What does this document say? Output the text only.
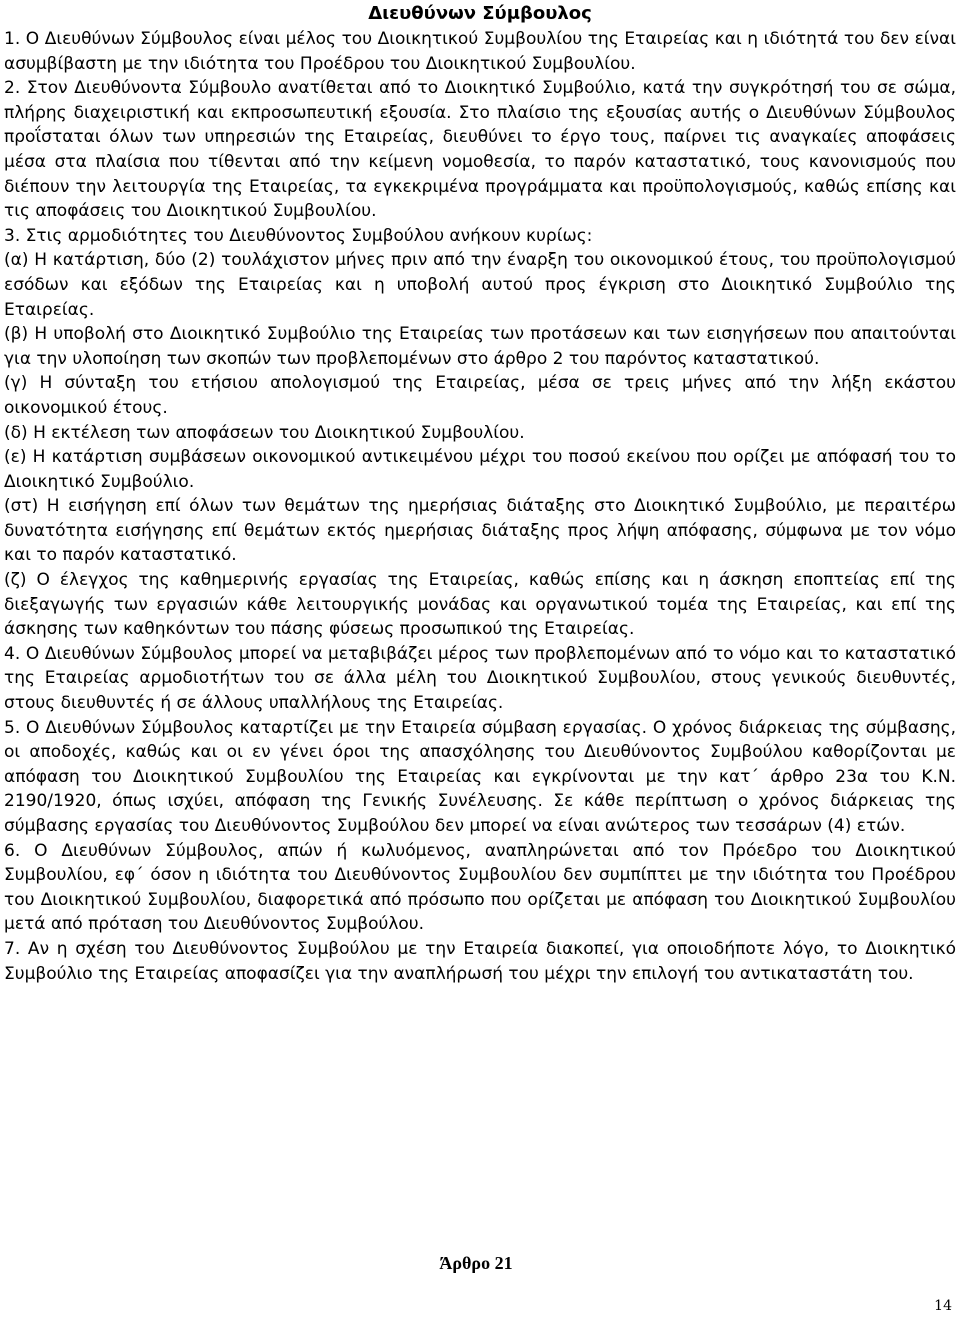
Διευθύνων Σύμβουλος

1. Ο Διευθύνων Σύμβουλος είναι μέλος του Διοικητικού Συμβουλίου της Εταιρείας και η ιδιότητά του δεν είναι ασυμβίβαστη με την ιδιότητα του Προέδρου του Διοικητικού Συμβουλίου.

2. Στον Διευθύνοντα Σύμβουλο ανατίθεται από το Διοικητικό Συμβούλιο, κατά την συγκρότησή του σε σώμα, πλήρης διαχειριστική και εκπροσωπευτική εξουσία. Στο πλαίσιο της εξουσίας αυτής ο Διευθύνων Σύμβουλος προΐσταται όλων των υπηρεσιών της Εταιρείας, διευθύνει το έργο τους, παίρνει τις αναγκαίες αποφάσεις μέσα στα πλαίσια που τίθενται από την κείμενη νομοθεσία, το παρόν καταστατικό, τους κανονισμούς που διέπουν την λειτουργία της Εταιρείας, τα εγκεκριμένα προγράμματα και προϋπολογισμούς, καθώς επίσης και τις αποφάσεις του Διοικητικού Συμβουλίου.

3. Στις αρμοδιότητες του Διευθύνοντος Συμβούλου ανήκουν κυρίως:

(α) Η κατάρτιση, δύο (2) τουλάχιστον μήνες πριν από την έναρξη του οικονομικού έτους, του προϋπολογισμού εσόδων και εξόδων της Εταιρείας και η υποβολή αυτού προς έγκριση στο Διοικητικό Συμβούλιο της Εταιρείας.

(β) Η υποβολή στο Διοικητικό Συμβούλιο της Εταιρείας των προτάσεων και των εισηγήσεων που απαιτούνται για την υλοποίηση των σκοπών των προβλεπομένων στο άρθρο 2 του παρόντος καταστατικού.

(γ) Η σύνταξη του ετήσιου απολογισμού της Εταιρείας, μέσα σε τρεις μήνες από την λήξη εκάστου οικονομικού έτους.

(δ) Η εκτέλεση των αποφάσεων του Διοικητικού Συμβουλίου.

(ε) Η κατάρτιση συμβάσεων οικονομικού αντικειμένου μέχρι του ποσού εκείνου που ορίζει με απόφασή του το Διοικητικό Συμβούλιο.

(στ) Η εισήγηση επί όλων των θεμάτων της ημερήσιας διάταξης στο Διοικητικό Συμβούλιο, με περαιτέρω δυνατότητα εισήγησης επί θεμάτων εκτός ημερήσιας διάταξης προς λήψη απόφασης, σύμφωνα με τον νόμο και το παρόν καταστατικό.

(ζ) Ο έλεγχος της καθημερινής εργασίας της Εταιρείας, καθώς επίσης και η άσκηση εποπτείας επί της διεξαγωγής των εργασιών κάθε λειτουργικής μονάδας και οργανωτικού τομέα της Εταιρείας, και επί της άσκησης των καθηκόντων του πάσης φύσεως προσωπικού της Εταιρείας.

4. Ο Διευθύνων Σύμβουλος μπορεί να μεταβιβάζει μέρος των προβλεπομένων από το νόμο και το καταστατικό της Εταιρείας αρμοδιοτήτων του σε άλλα μέλη του Διοικητικού Συμβουλίου, στους γενικούς διευθυντές, στους διευθυντές ή σε άλλους υπαλλήλους της Εταιρείας.

5. Ο Διευθύνων Σύμβουλος καταρτίζει με την Εταιρεία σύμβαση εργασίας. Ο χρόνος διάρκειας της σύμβασης, οι αποδοχές, καθώς και οι εν γένει όροι της απασχόλησης του Διευθύνοντος Συμβούλου καθορίζονται με απόφαση του Διοικητικού Συμβουλίου της Εταιρείας και εγκρίνονται με την κατ΄ άρθρο 23α του Κ.Ν. 2190/1920, όπως ισχύει, απόφαση της Γενικής Συνέλευσης. Σε κάθε περίπτωση ο χρόνος διάρκειας της σύμβασης εργασίας του Διευθύνοντος Συμβούλου δεν μπορεί να είναι ανώτερος των τεσσάρων (4) ετών.

6. Ο Διευθύνων Σύμβουλος, απών ή κωλυόμενος, αναπληρώνεται από τον Πρόεδρο του Διοικητικού Συμβουλίου, εφ΄ όσον η ιδιότητα του Διευθύνοντος Συμβουλίου δεν συμπίπτει με την ιδιότητα του Προέδρου του Διοικητικού Συμβουλίου, διαφορετικά από πρόσωπο που ορίζεται με απόφαση του Διοικητικού Συμβουλίου μετά από πρόταση του Διευθύνοντος Συμβούλου.

7. Αν η σχέση του Διευθύνοντος Συμβούλου με την Εταιρεία διακοπεί, για οποιοδήποτε λόγο, το Διοικητικό Συμβούλιο της Εταιρείας αποφασίζει για την αναπλήρωσή του μέχρι την επιλογή του αντικαταστάτη του.

Άρθρο 21

14
